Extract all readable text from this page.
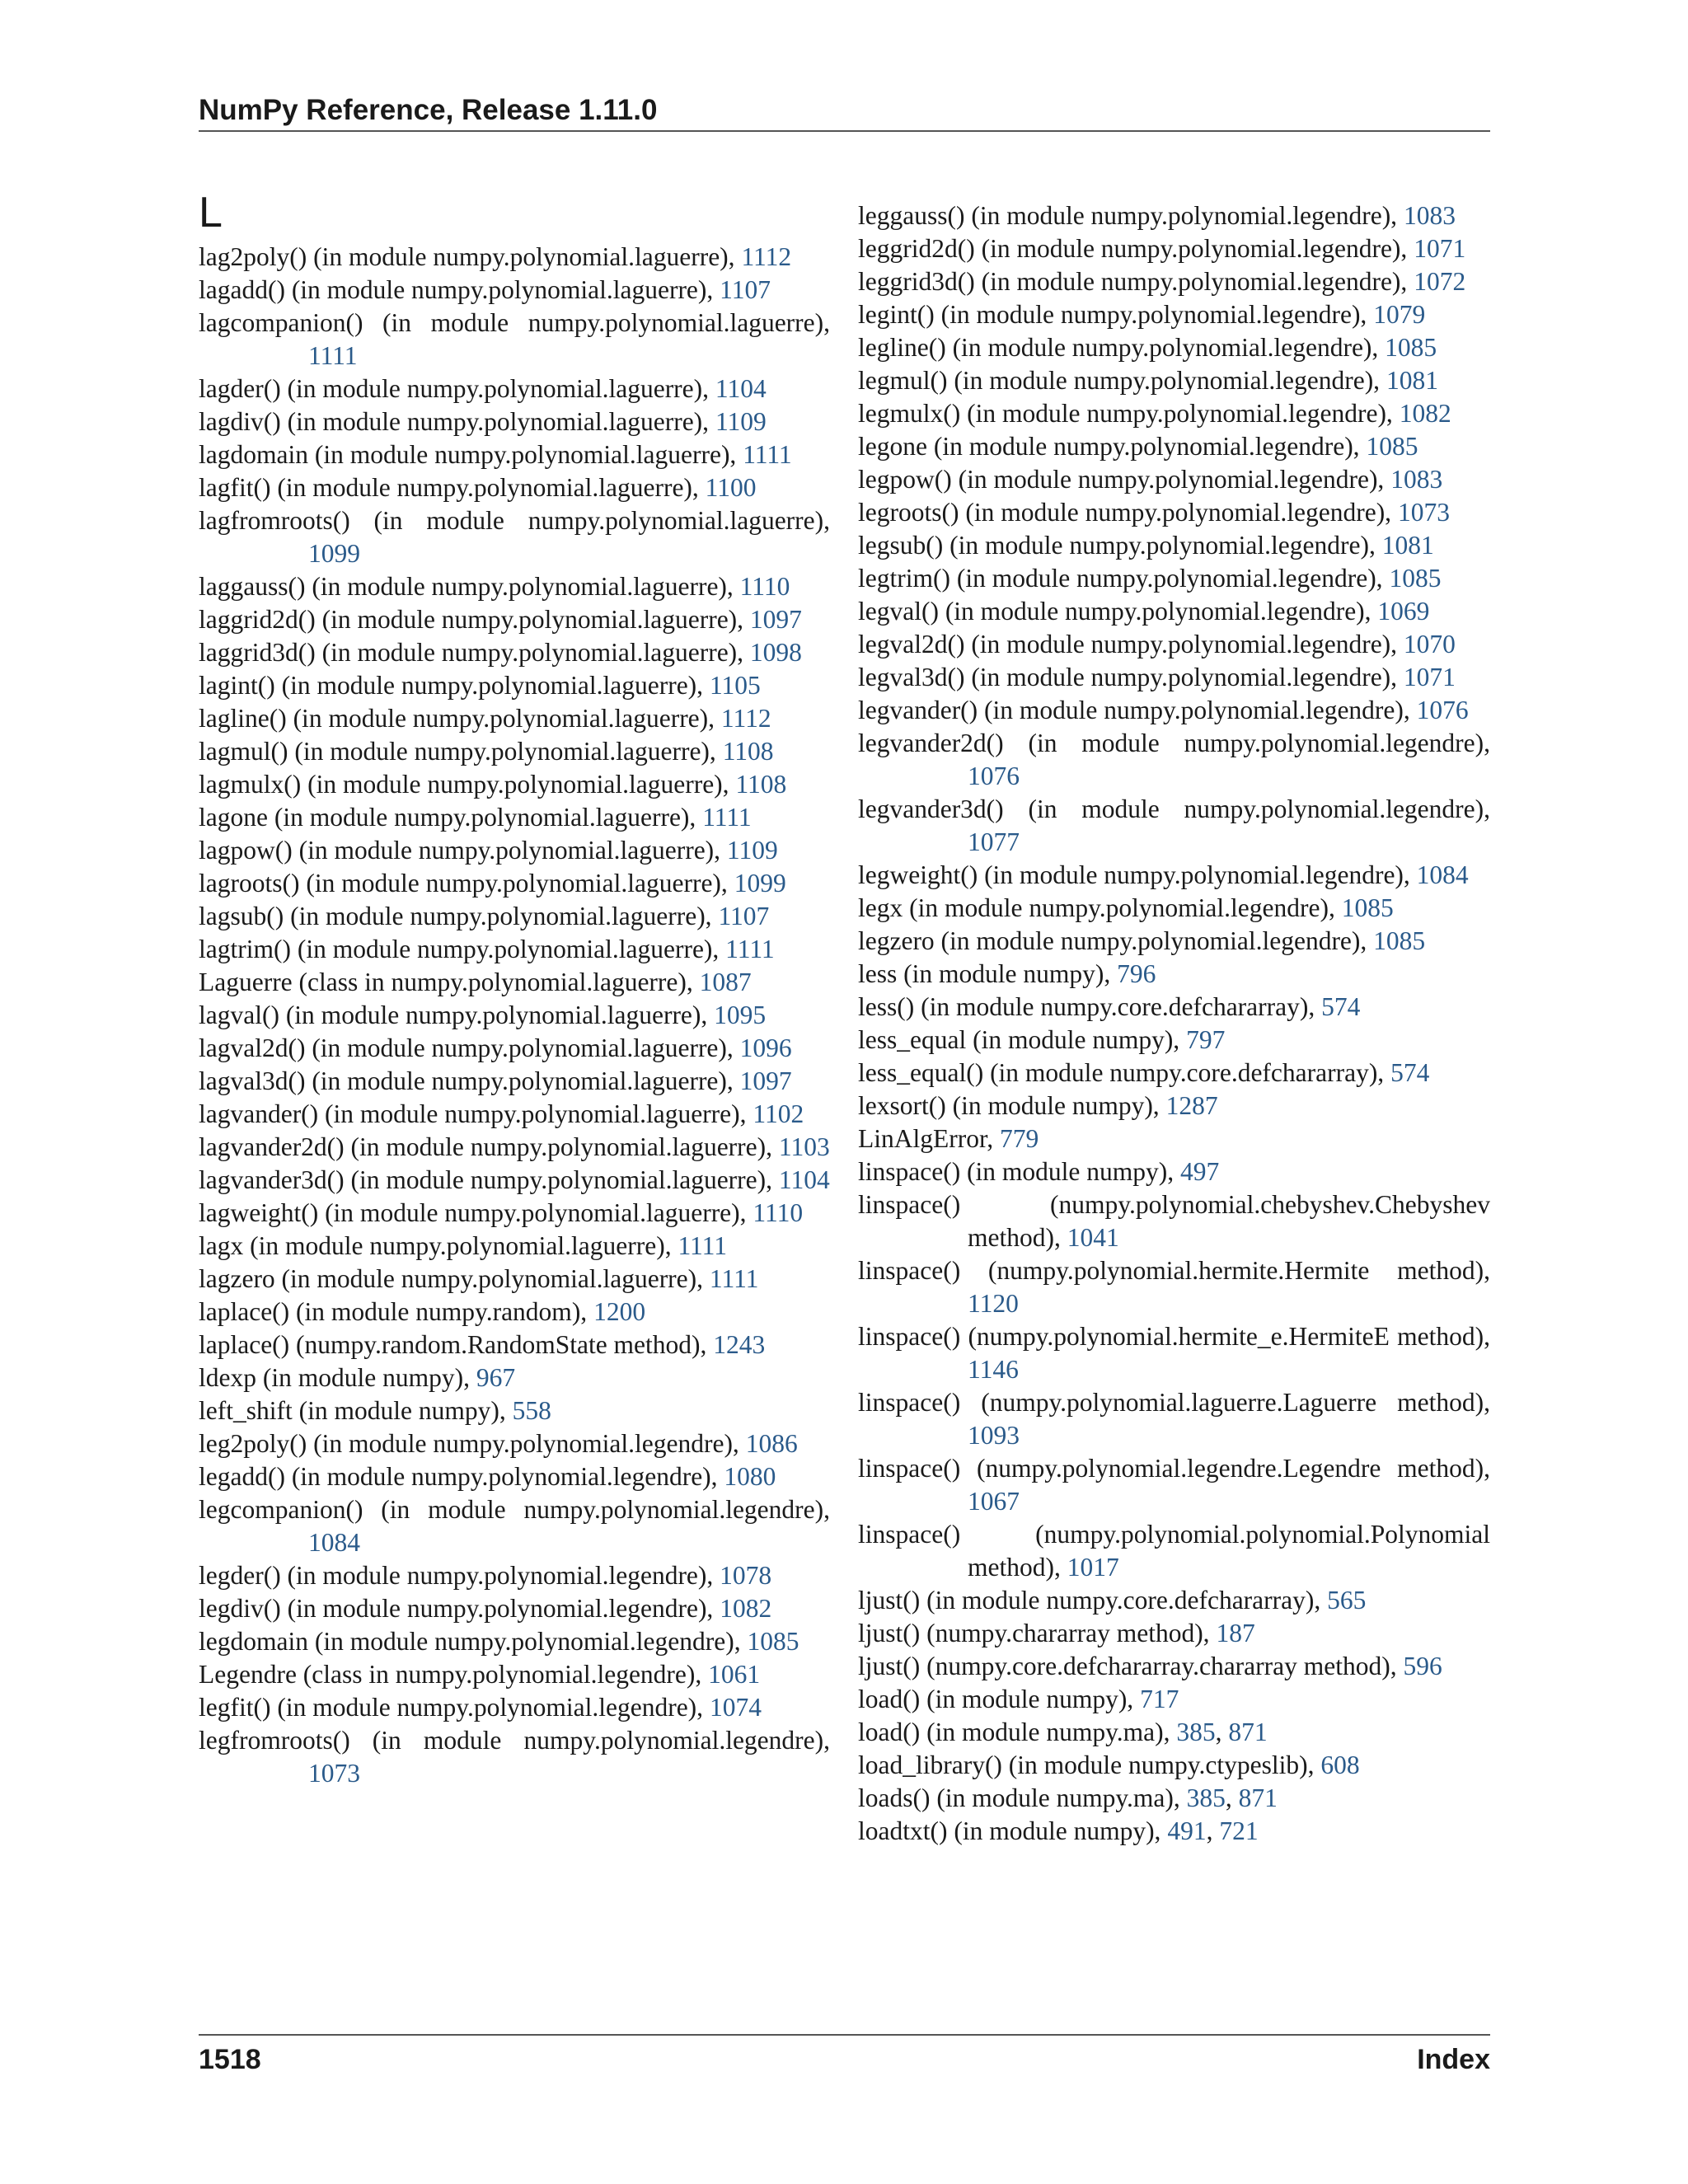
NumPy Reference, Release 1.11.0
L
lag2poly() (in module numpy.polynomial.laguerre), 1112
lagadd() (in module numpy.polynomial.laguerre), 1107
lagcompanion() (in module numpy.polynomial.laguerre), 1111
lagder() (in module numpy.polynomial.laguerre), 1104
lagdiv() (in module numpy.polynomial.laguerre), 1109
lagdomain (in module numpy.polynomial.laguerre), 1111
lagfit() (in module numpy.polynomial.laguerre), 1100
lagfromroots() (in module numpy.polynomial.laguerre), 1099
laggauss() (in module numpy.polynomial.laguerre), 1110
laggrid2d() (in module numpy.polynomial.laguerre), 1097
laggrid3d() (in module numpy.polynomial.laguerre), 1098
lagint() (in module numpy.polynomial.laguerre), 1105
lagline() (in module numpy.polynomial.laguerre), 1112
lagmul() (in module numpy.polynomial.laguerre), 1108
lagmulx() (in module numpy.polynomial.laguerre), 1108
lagone (in module numpy.polynomial.laguerre), 1111
lagpow() (in module numpy.polynomial.laguerre), 1109
lagroots() (in module numpy.polynomial.laguerre), 1099
lagsub() (in module numpy.polynomial.laguerre), 1107
lagtrim() (in module numpy.polynomial.laguerre), 1111
Laguerre (class in numpy.polynomial.laguerre), 1087
lagval() (in module numpy.polynomial.laguerre), 1095
lagval2d() (in module numpy.polynomial.laguerre), 1096
lagval3d() (in module numpy.polynomial.laguerre), 1097
lagvander() (in module numpy.polynomial.laguerre), 1102
lagvander2d() (in module numpy.polynomial.laguerre), 1103
lagvander3d() (in module numpy.polynomial.laguerre), 1104
lagweight() (in module numpy.polynomial.laguerre), 1110
lagx (in module numpy.polynomial.laguerre), 1111
lagzero (in module numpy.polynomial.laguerre), 1111
laplace() (in module numpy.random), 1200
laplace() (numpy.random.RandomState method), 1243
ldexp (in module numpy), 967
left_shift (in module numpy), 558
leg2poly() (in module numpy.polynomial.legendre), 1086
legadd() (in module numpy.polynomial.legendre), 1080
legcompanion() (in module numpy.polynomial.legendre), 1084
legder() (in module numpy.polynomial.legendre), 1078
legdiv() (in module numpy.polynomial.legendre), 1082
legdomain (in module numpy.polynomial.legendre), 1085
Legendre (class in numpy.polynomial.legendre), 1061
legfit() (in module numpy.polynomial.legendre), 1074
legfromroots() (in module numpy.polynomial.legendre), 1073
leggauss() (in module numpy.polynomial.legendre), 1083
leggrid2d() (in module numpy.polynomial.legendre), 1071
leggrid3d() (in module numpy.polynomial.legendre), 1072
legint() (in module numpy.polynomial.legendre), 1079
legline() (in module numpy.polynomial.legendre), 1085
legmul() (in module numpy.polynomial.legendre), 1081
legmulx() (in module numpy.polynomial.legendre), 1082
legone (in module numpy.polynomial.legendre), 1085
legpow() (in module numpy.polynomial.legendre), 1083
legroots() (in module numpy.polynomial.legendre), 1073
legsub() (in module numpy.polynomial.legendre), 1081
legtrim() (in module numpy.polynomial.legendre), 1085
legval() (in module numpy.polynomial.legendre), 1069
legval2d() (in module numpy.polynomial.legendre), 1070
legval3d() (in module numpy.polynomial.legendre), 1071
legvander() (in module numpy.polynomial.legendre), 1076
legvander2d() (in module numpy.polynomial.legendre), 1076
legvander3d() (in module numpy.polynomial.legendre), 1077
legweight() (in module numpy.polynomial.legendre), 1084
legx (in module numpy.polynomial.legendre), 1085
legzero (in module numpy.polynomial.legendre), 1085
less (in module numpy), 796
less() (in module numpy.core.defchararray), 574
less_equal (in module numpy), 797
less_equal() (in module numpy.core.defchararray), 574
lexsort() (in module numpy), 1287
LinAlgError, 779
linspace() (in module numpy), 497
linspace() (numpy.polynomial.chebyshev.Chebyshev method), 1041
linspace() (numpy.polynomial.hermite.Hermite method), 1120
linspace() (numpy.polynomial.hermite_e.HermiteE method), 1146
linspace() (numpy.polynomial.laguerre.Laguerre method), 1093
linspace() (numpy.polynomial.legendre.Legendre method), 1067
linspace() (numpy.polynomial.polynomial.Polynomial method), 1017
ljust() (in module numpy.core.defchararray), 565
ljust() (numpy.chararray method), 187
ljust() (numpy.core.defchararray.chararray method), 596
load() (in module numpy), 717
load() (in module numpy.ma), 385, 871
load_library() (in module numpy.ctypeslib), 608
loads() (in module numpy.ma), 385, 871
loadtxt() (in module numpy), 491, 721
1518	Index
